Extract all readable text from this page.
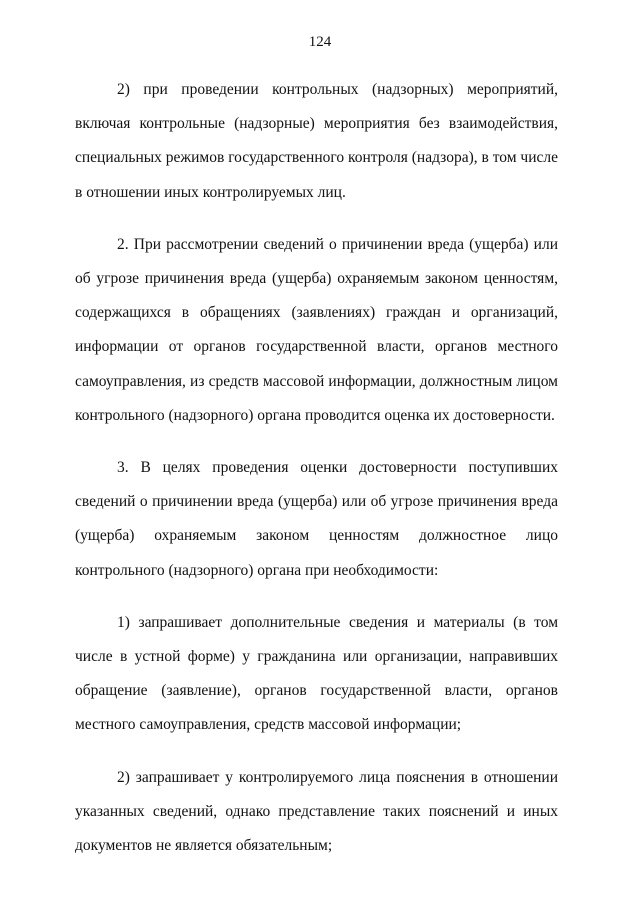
124

2) при проведении контрольных (надзорных) мероприятий, включая контрольные (надзорные) мероприятия без взаимодействия, специальных режимов государственного контроля (надзора), в том числе в отношении иных контролируемых лиц.

2. При рассмотрении сведений о причинении вреда (ущерба) или об угрозе причинения вреда (ущерба) охраняемым законом ценностям, содержащихся в обращениях (заявлениях) граждан и организаций, информации от органов государственной власти, органов местного самоуправления, из средств массовой информации, должностным лицом контрольного (надзорного) органа проводится оценка их достоверности.

3. В целях проведения оценки достоверности поступивших сведений о причинении вреда (ущерба) или об угрозе причинения вреда (ущерба) охраняемым законом ценностям должностное лицо контрольного (надзорного) органа при необходимости:

1) запрашивает дополнительные сведения и материалы (в том числе в устной форме) у гражданина или организации, направивших обращение (заявление), органов государственной власти, органов местного самоуправления, средств массовой информации;

2) запрашивает у контролируемого лица пояснения в отношении указанных сведений, однако представление таких пояснений и иных документов не является обязательным;
